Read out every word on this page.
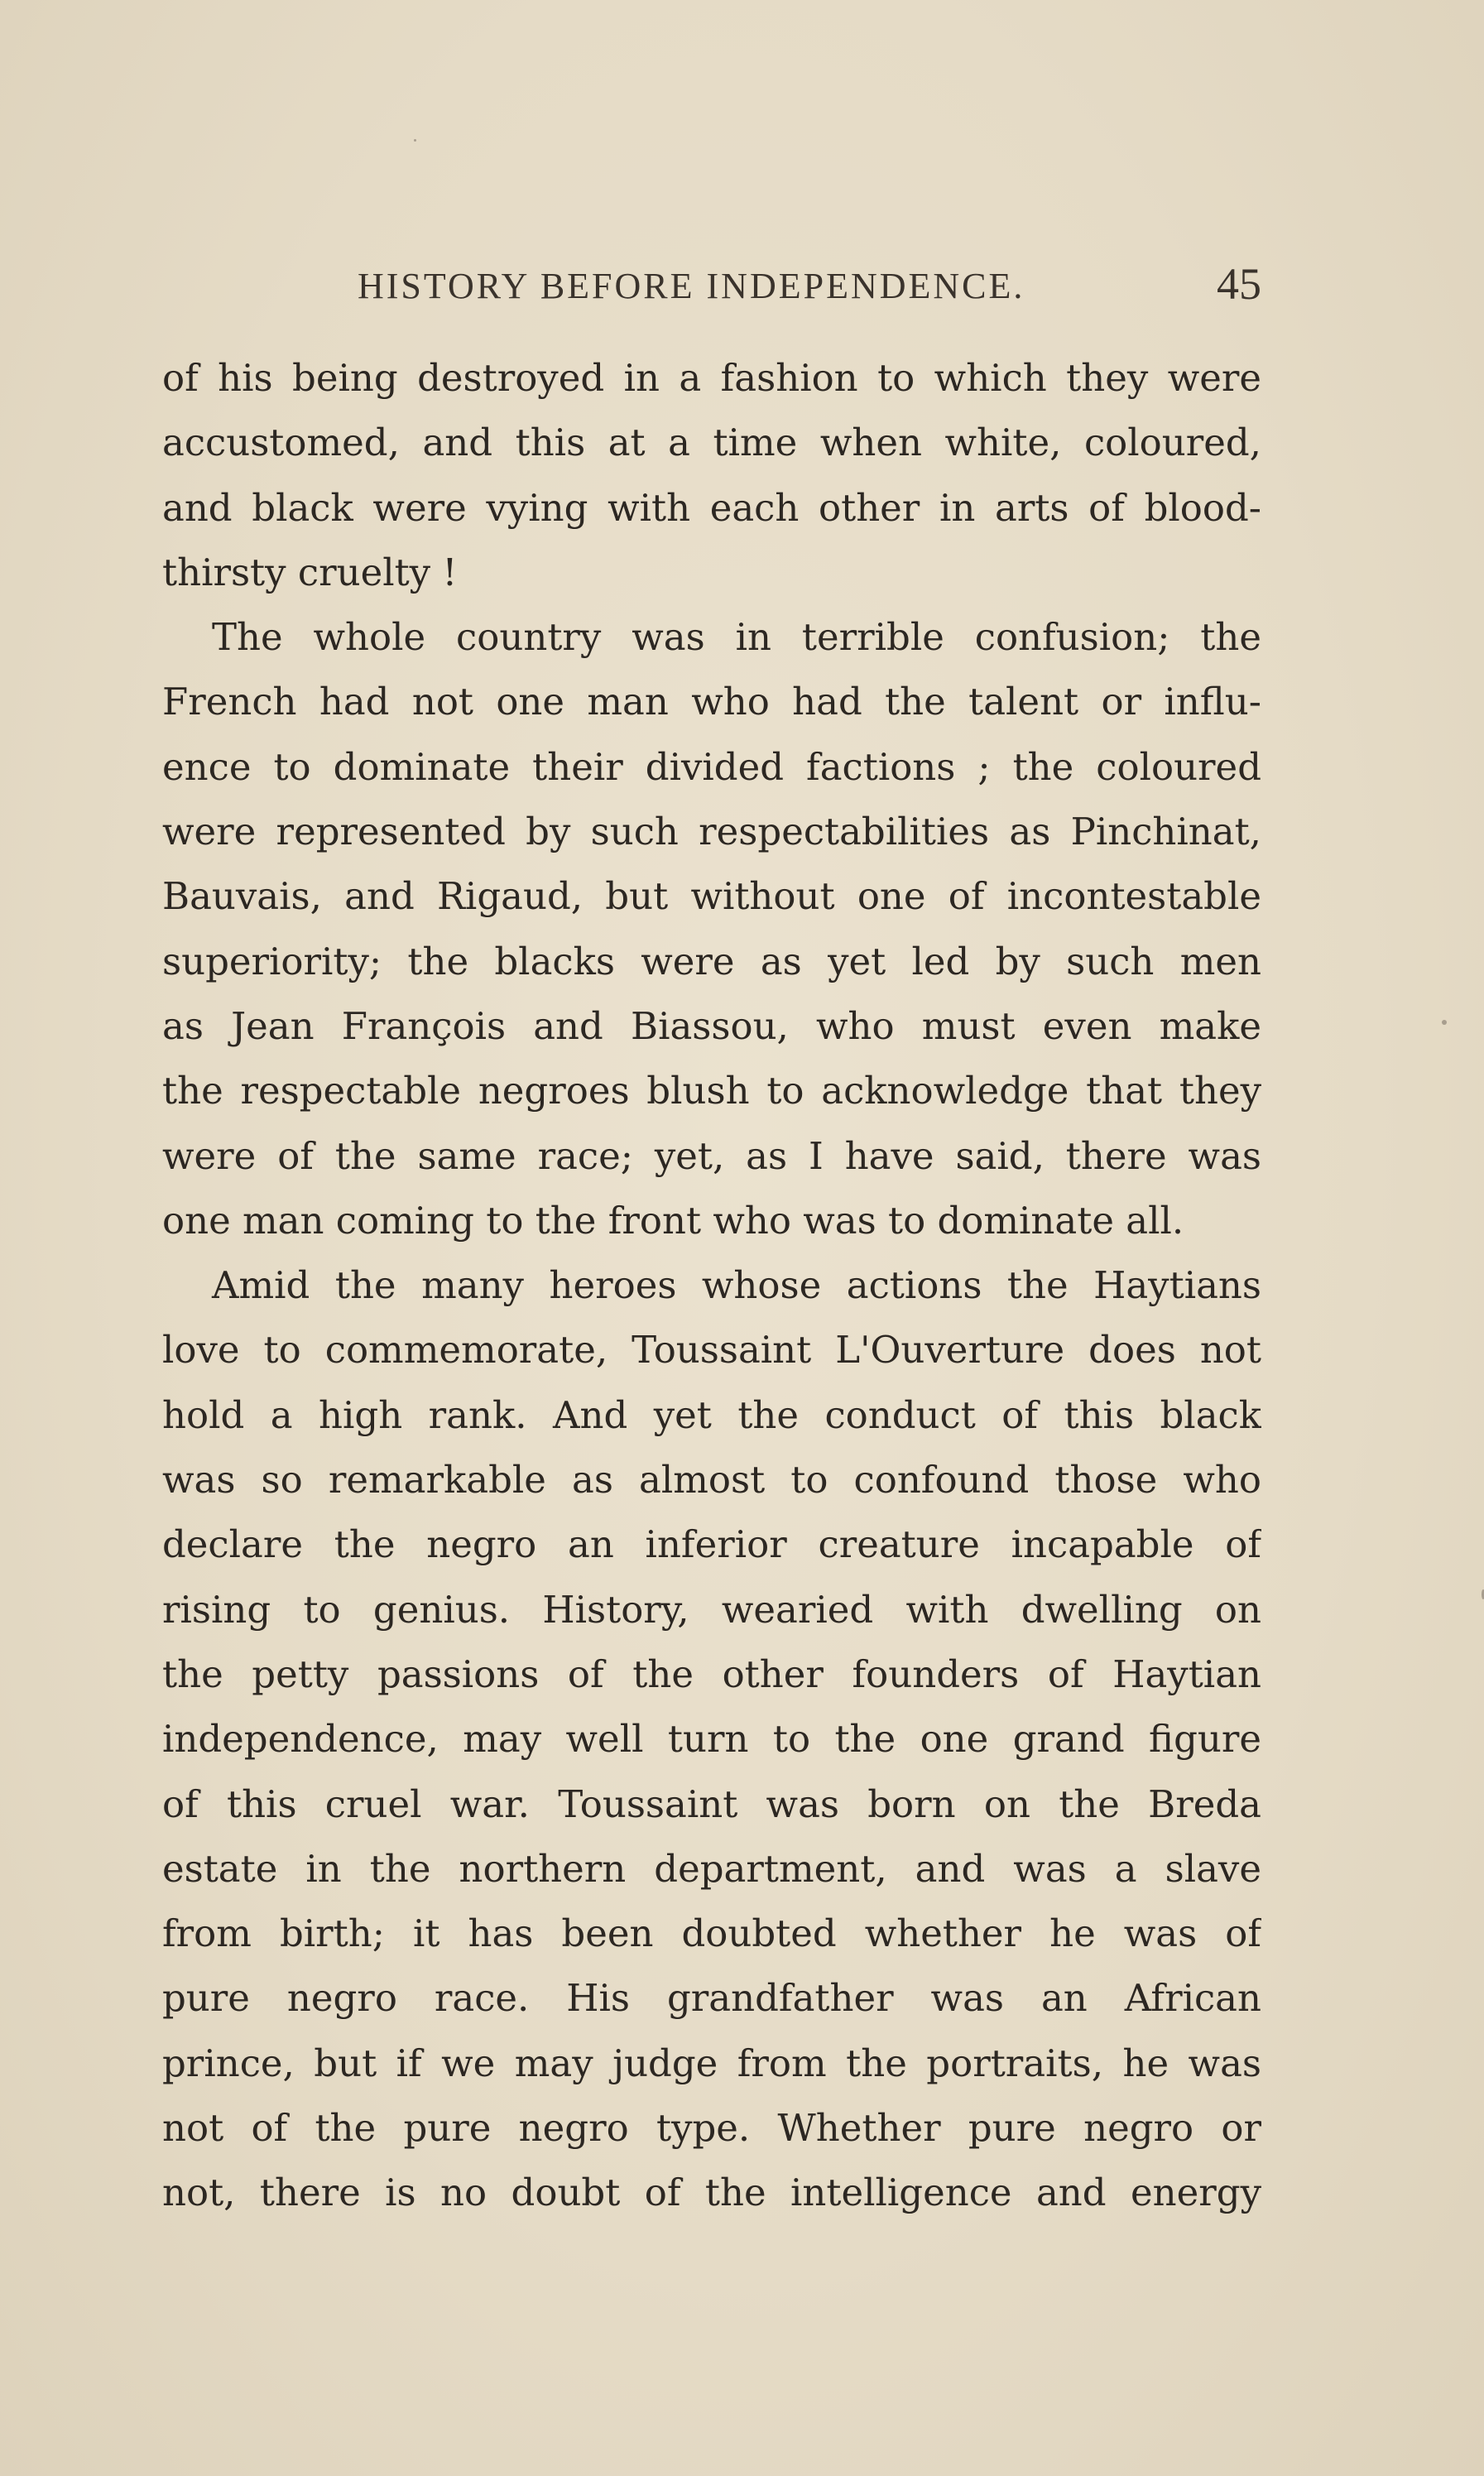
HISTORY BEFORE INDEPENDENCE.	45
of his being destroyed in a fashion to which they were
accustomed, and this at a time when white, coloured,
and black were vying with each other in arts of blood-
thirsty cruelty !
The whole country was in terrible confusion; the
French had not one man who had the talent or influ-
ence to dominate their divided factions ; the coloured
were represented by such respectabilities as Pinchinat,
Bauvais, and Rigaud, but without one of incontestable
superiority; the blacks were as yet led by such men
as Jean François and Biassou, who must even make
the respectable negroes blush to acknowledge that they
were of the same race; yet, as I have said, there was
one man coming to the front who was to dominate all.
Amid the many heroes whose actions the Haytians
love to commemorate, Toussaint L'Ouverture does not
hold a high rank. And yet the conduct of this black
was so remarkable as almost to confound those who
declare the negro an inferior creature incapable of
rising to genius. History, wearied with dwelling on
the petty passions of the other founders of Haytian
independence, may well turn to the one grand figure
of this cruel war. Toussaint was born on the Breda
estate in the northern department, and was a slave
from birth; it has been doubted whether he was of
pure negro race. His grandfather was an African
prince, but if we may judge from the portraits, he was
not of the pure negro type. Whether pure negro or
not, there is no doubt of the intelligence and energy
